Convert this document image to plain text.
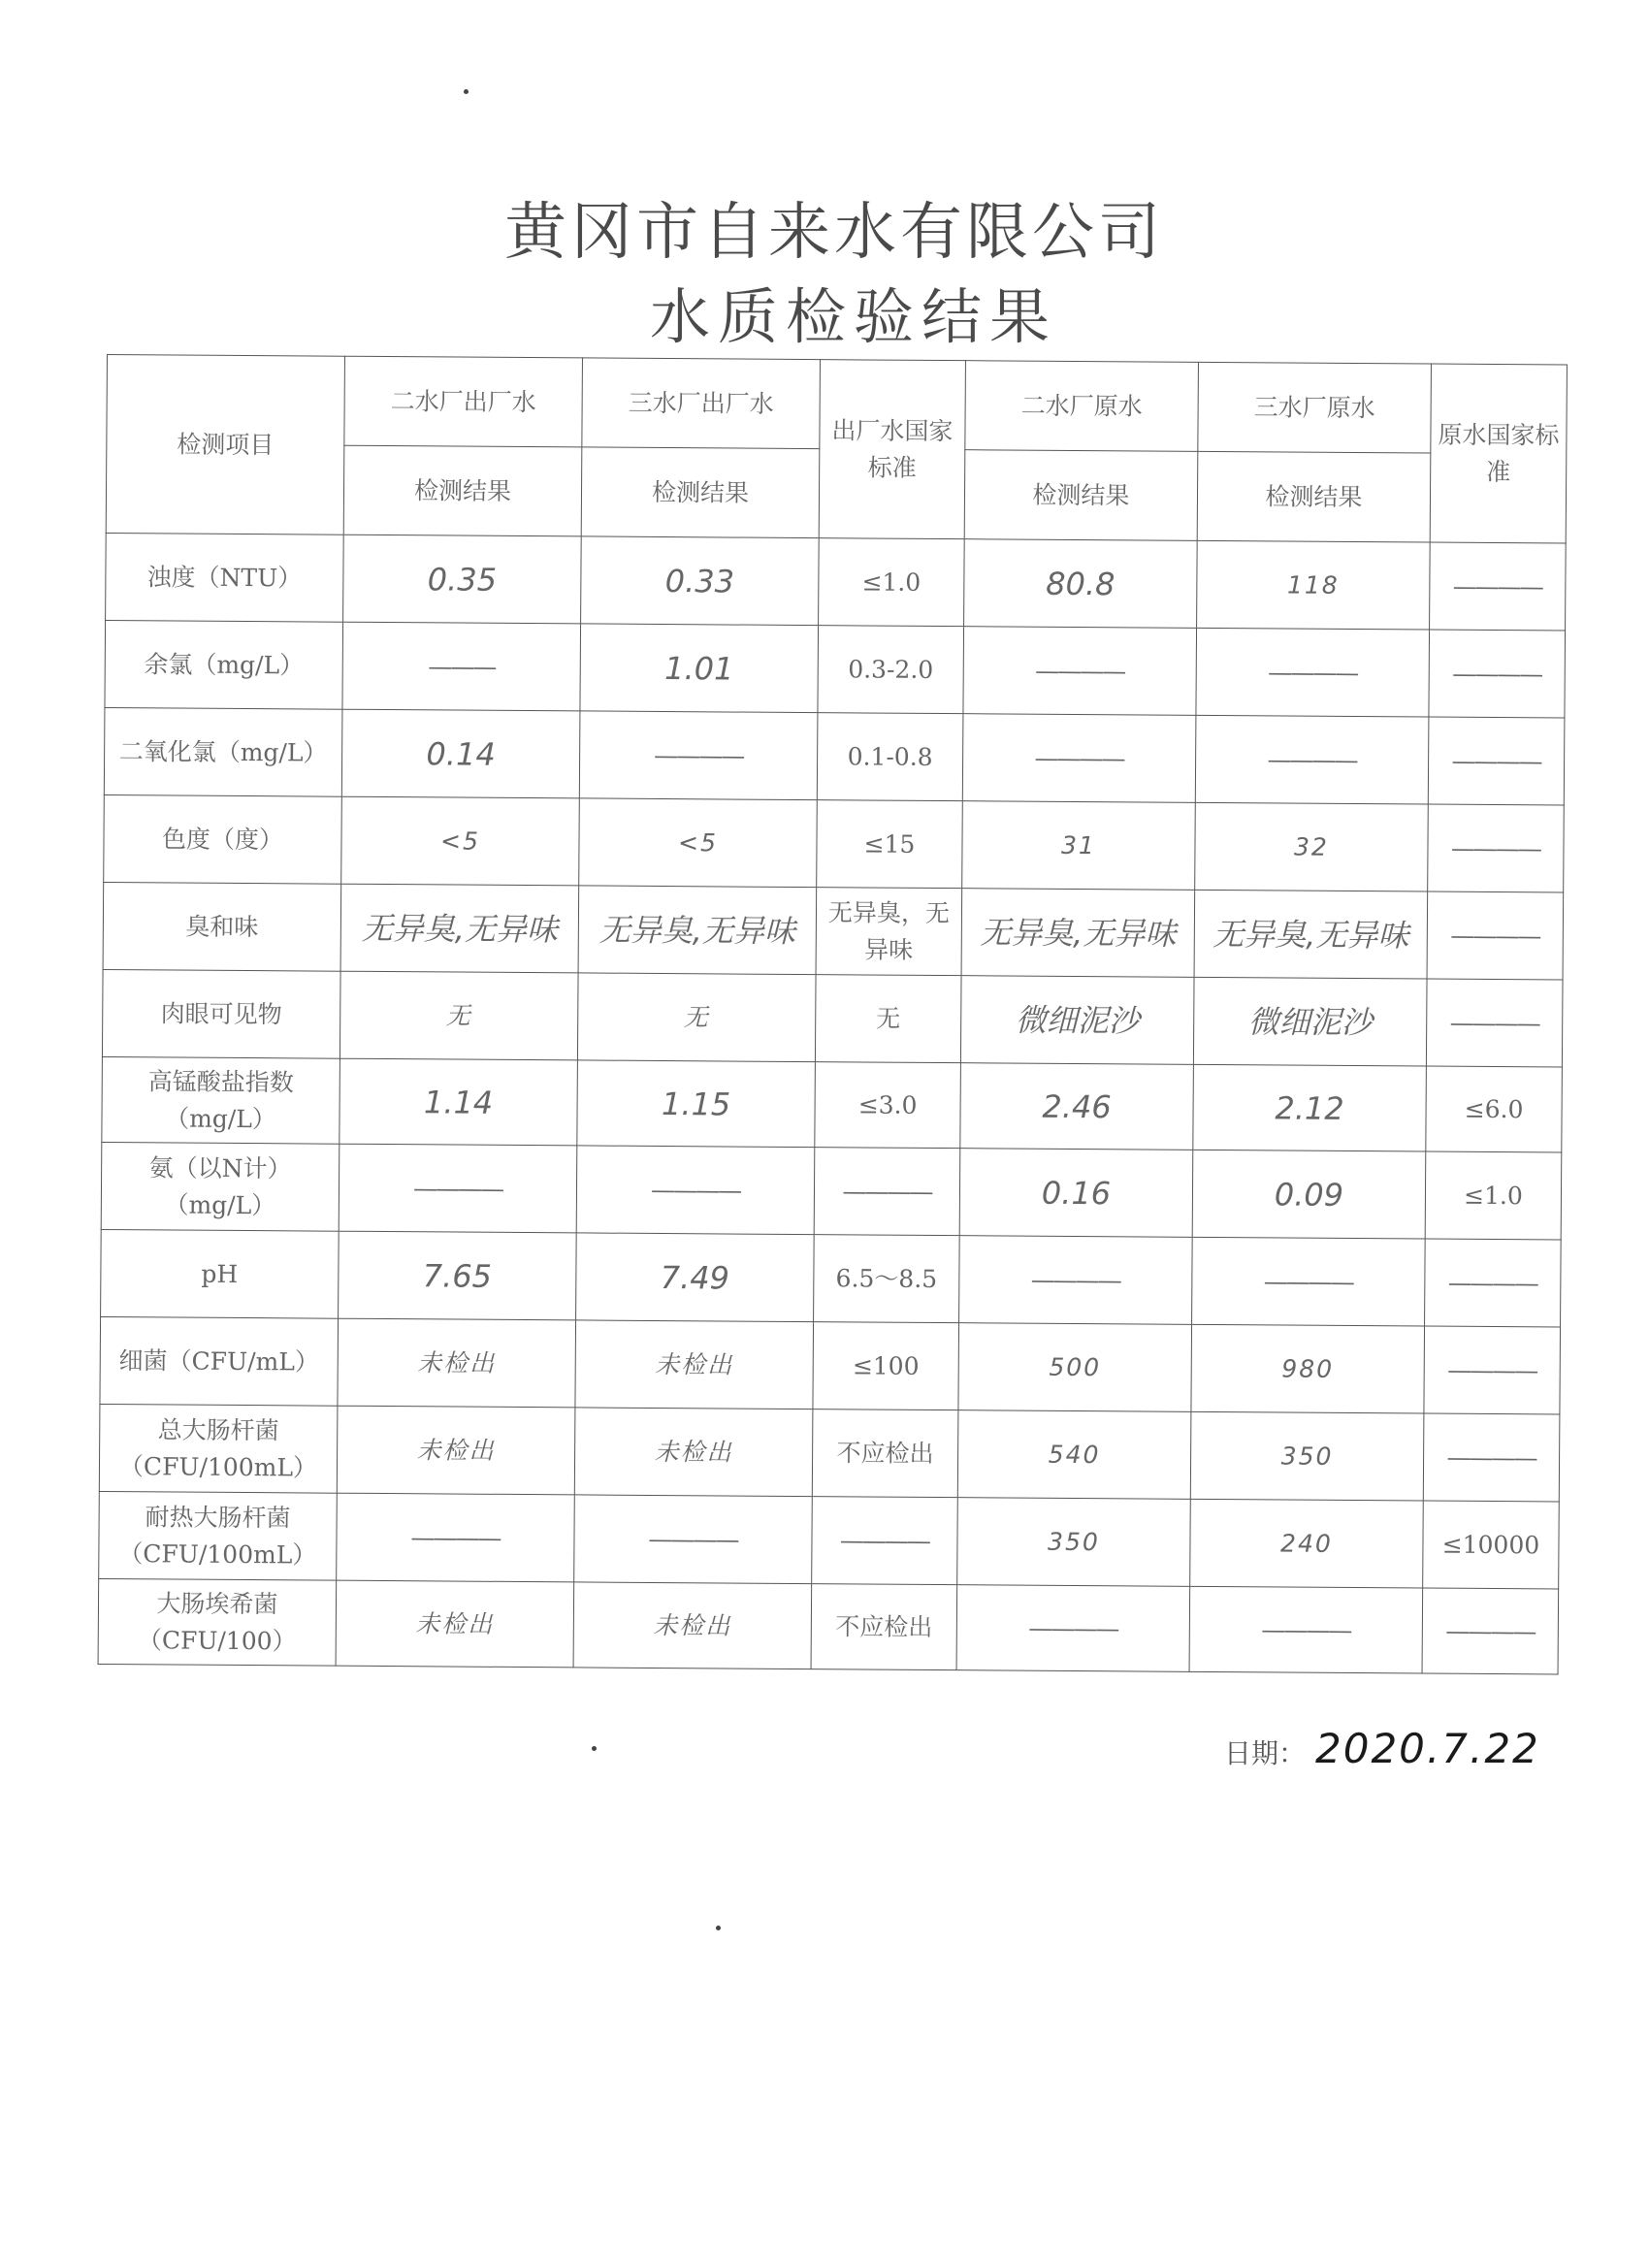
黄冈市自来水有限公司
水质检验结果
检测项目	二水厂出厂水	三水厂出厂水	出厂水国家标准	二水厂原水	三水厂原水	原水国家标准
	检测结果	检测结果		检测结果	检测结果	
浊度（NTU）	0.35	0.33	≤1.0	80.8	118	————
余氯（mg/L）	———	1.01	0.3-2.0	————	————	————
二氧化氯（mg/L）	0.14	————	0.1-0.8	————	————	————
色度（度）	<5	<5	≤15	31	32	————
臭和味	无异臭,无异味	无异臭,无异味	无异臭，无异味	无异臭,无异味	无异臭,无异味	————
肉眼可见物	无	无	无	微细泥沙	微细泥沙	————
高锰酸盐指数（mg/L）	1.14	1.15	≤3.0	2.46	2.12	≤6.0
氨（以N计）（mg/L）	————	————	————	0.16	0.09	≤1.0
pH	7.65	7.49	6.5～8.5	————	————	————
细菌（CFU/mL）	未检出	未检出	≤100	500	980	————
总大肠杆菌（CFU/100mL）	未检出	未检出	不应检出	540	350	————
耐热大肠杆菌（CFU/100mL）	————	————	————	350	240	≤10000
大肠埃希菌（CFU/100）	未检出	未检出	不应检出	————	————	————
日期： 2020.7.22
